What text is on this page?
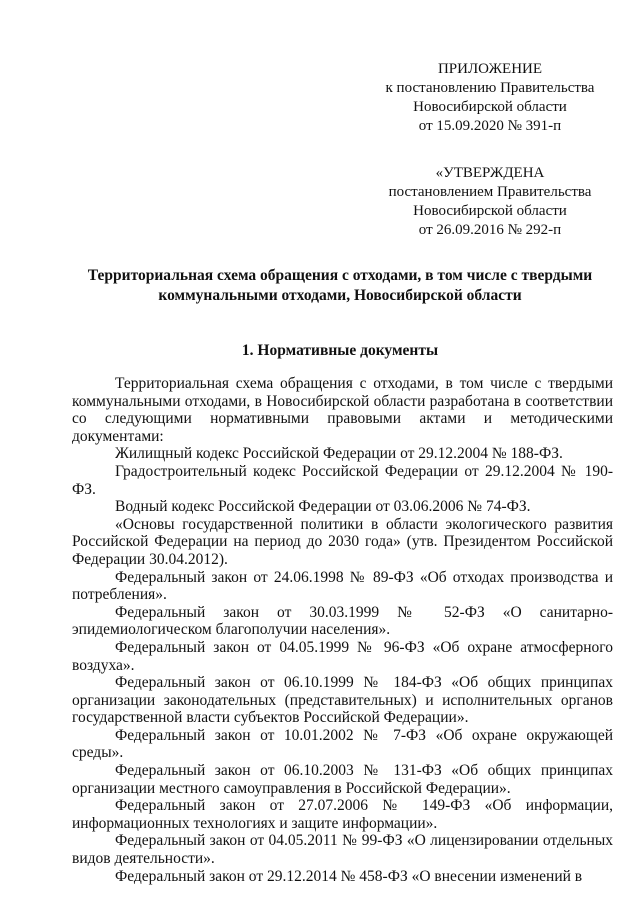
ПРИЛОЖЕНИЕ
к постановлению Правительства
Новосибирской области
от 15.09.2020 № 391-п
«УТВЕРЖДЕНА
постановлением Правительства
Новосибирской области
от 26.09.2016 № 292-п
Территориальная схема обращения с отходами, в том числе с твердыми коммунальными отходами, Новосибирской области
1. Нормативные документы

Территориальная схема обращения с отходами, в том числе с твердыми коммунальными отходами, в Новосибирской области разработана в соответствии со следующими нормативными правовыми актами и методическими документами:

Жилищный кодекс Российской Федерации от 29.12.2004 № 188-ФЗ.

Градостроительный кодекс Российской Федерации от 29.12.2004 № 190-ФЗ.

Водный кодекс Российской Федерации от 03.06.2006 № 74-ФЗ.

«Основы государственной политики в области экологического развития Российской Федерации на период до 2030 года» (утв. Президентом Российской Федерации 30.04.2012).

Федеральный закон от 24.06.1998 № 89-ФЗ «Об отходах производства и потребления».

Федеральный закон от 30.03.1999 № 52-ФЗ «О санитарно-эпидемиологическом благополучии населения».

Федеральный закон от 04.05.1999 № 96-ФЗ «Об охране атмосферного воздуха».

Федеральный закон от 06.10.1999 № 184-ФЗ «Об общих принципах организации законодательных (представительных) и исполнительных органов государственной власти субъектов Российской Федерации».

Федеральный закон от 10.01.2002 № 7-ФЗ «Об охране окружающей среды».

Федеральный закон от 06.10.2003 № 131-ФЗ «Об общих принципах организации местного самоуправления в Российской Федерации».

Федеральный закон от 27.07.2006 № 149-ФЗ «Об информации, информационных технологиях и защите информации».

Федеральный закон от 04.05.2011 № 99-ФЗ «О лицензировании отдельных видов деятельности».

Федеральный закон от 29.12.2014 № 458-ФЗ «О внесении изменений в
